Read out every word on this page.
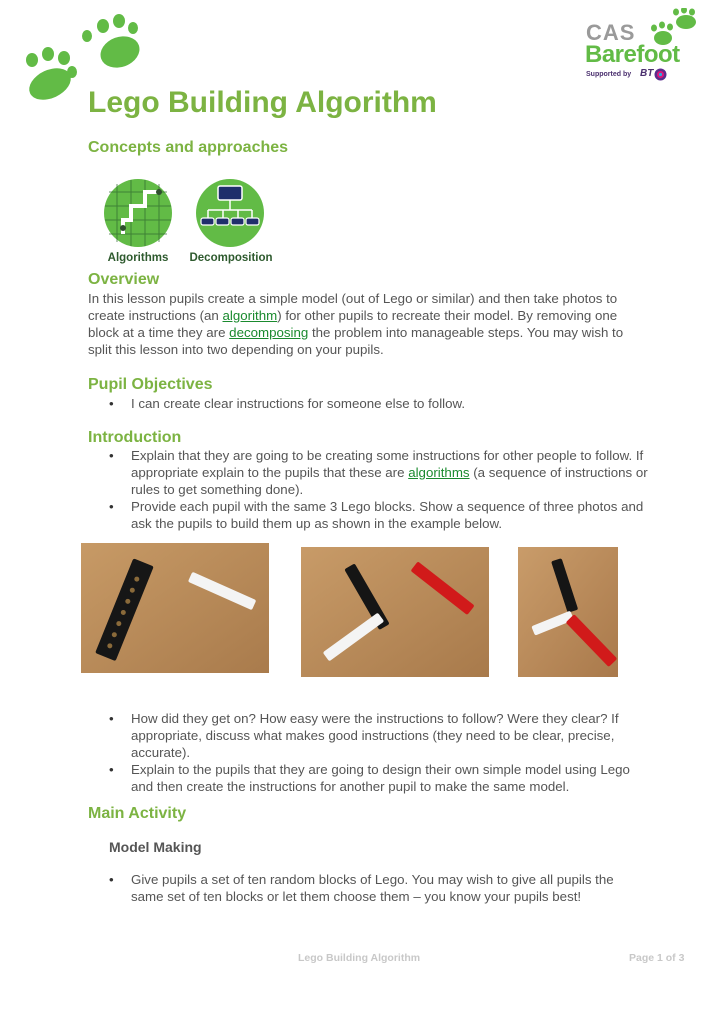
CAS
Barefoot
Supported by BT
Lego Building Algorithm
Concepts and approaches
Algorithms	Decomposition
Overview
In this lesson pupils create a simple model (out of Lego or similar) and then take photos to create instructions (an algorithm) for other pupils to recreate their model. By removing one block at a time they are decomposing the problem into manageable steps. You may wish to split this lesson into two depending on your pupils.
Pupil Objectives
• I can create clear instructions for someone else to follow.
Introduction
• Explain that they are going to be creating some instructions for other people to follow. If appropriate explain to the pupils that these are algorithms (a sequence of instructions or rules to get something done).
• Provide each pupil with the same 3 Lego blocks. Show a sequence of three photos and ask the pupils to build them up as shown in the example below.
• How did they get on? How easy were the instructions to follow? Were they clear? If appropriate, discuss what makes good instructions (they need to be clear, precise, accurate).
• Explain to the pupils that they are going to design their own simple model using Lego and then create the instructions for another pupil to make the same model.
Main Activity
Model Making
• Give pupils a set of ten random blocks of Lego. You may wish to give all pupils the same set of ten blocks or let them choose them – you know your pupils best!
Lego Building Algorithm	Page 1 of 3
